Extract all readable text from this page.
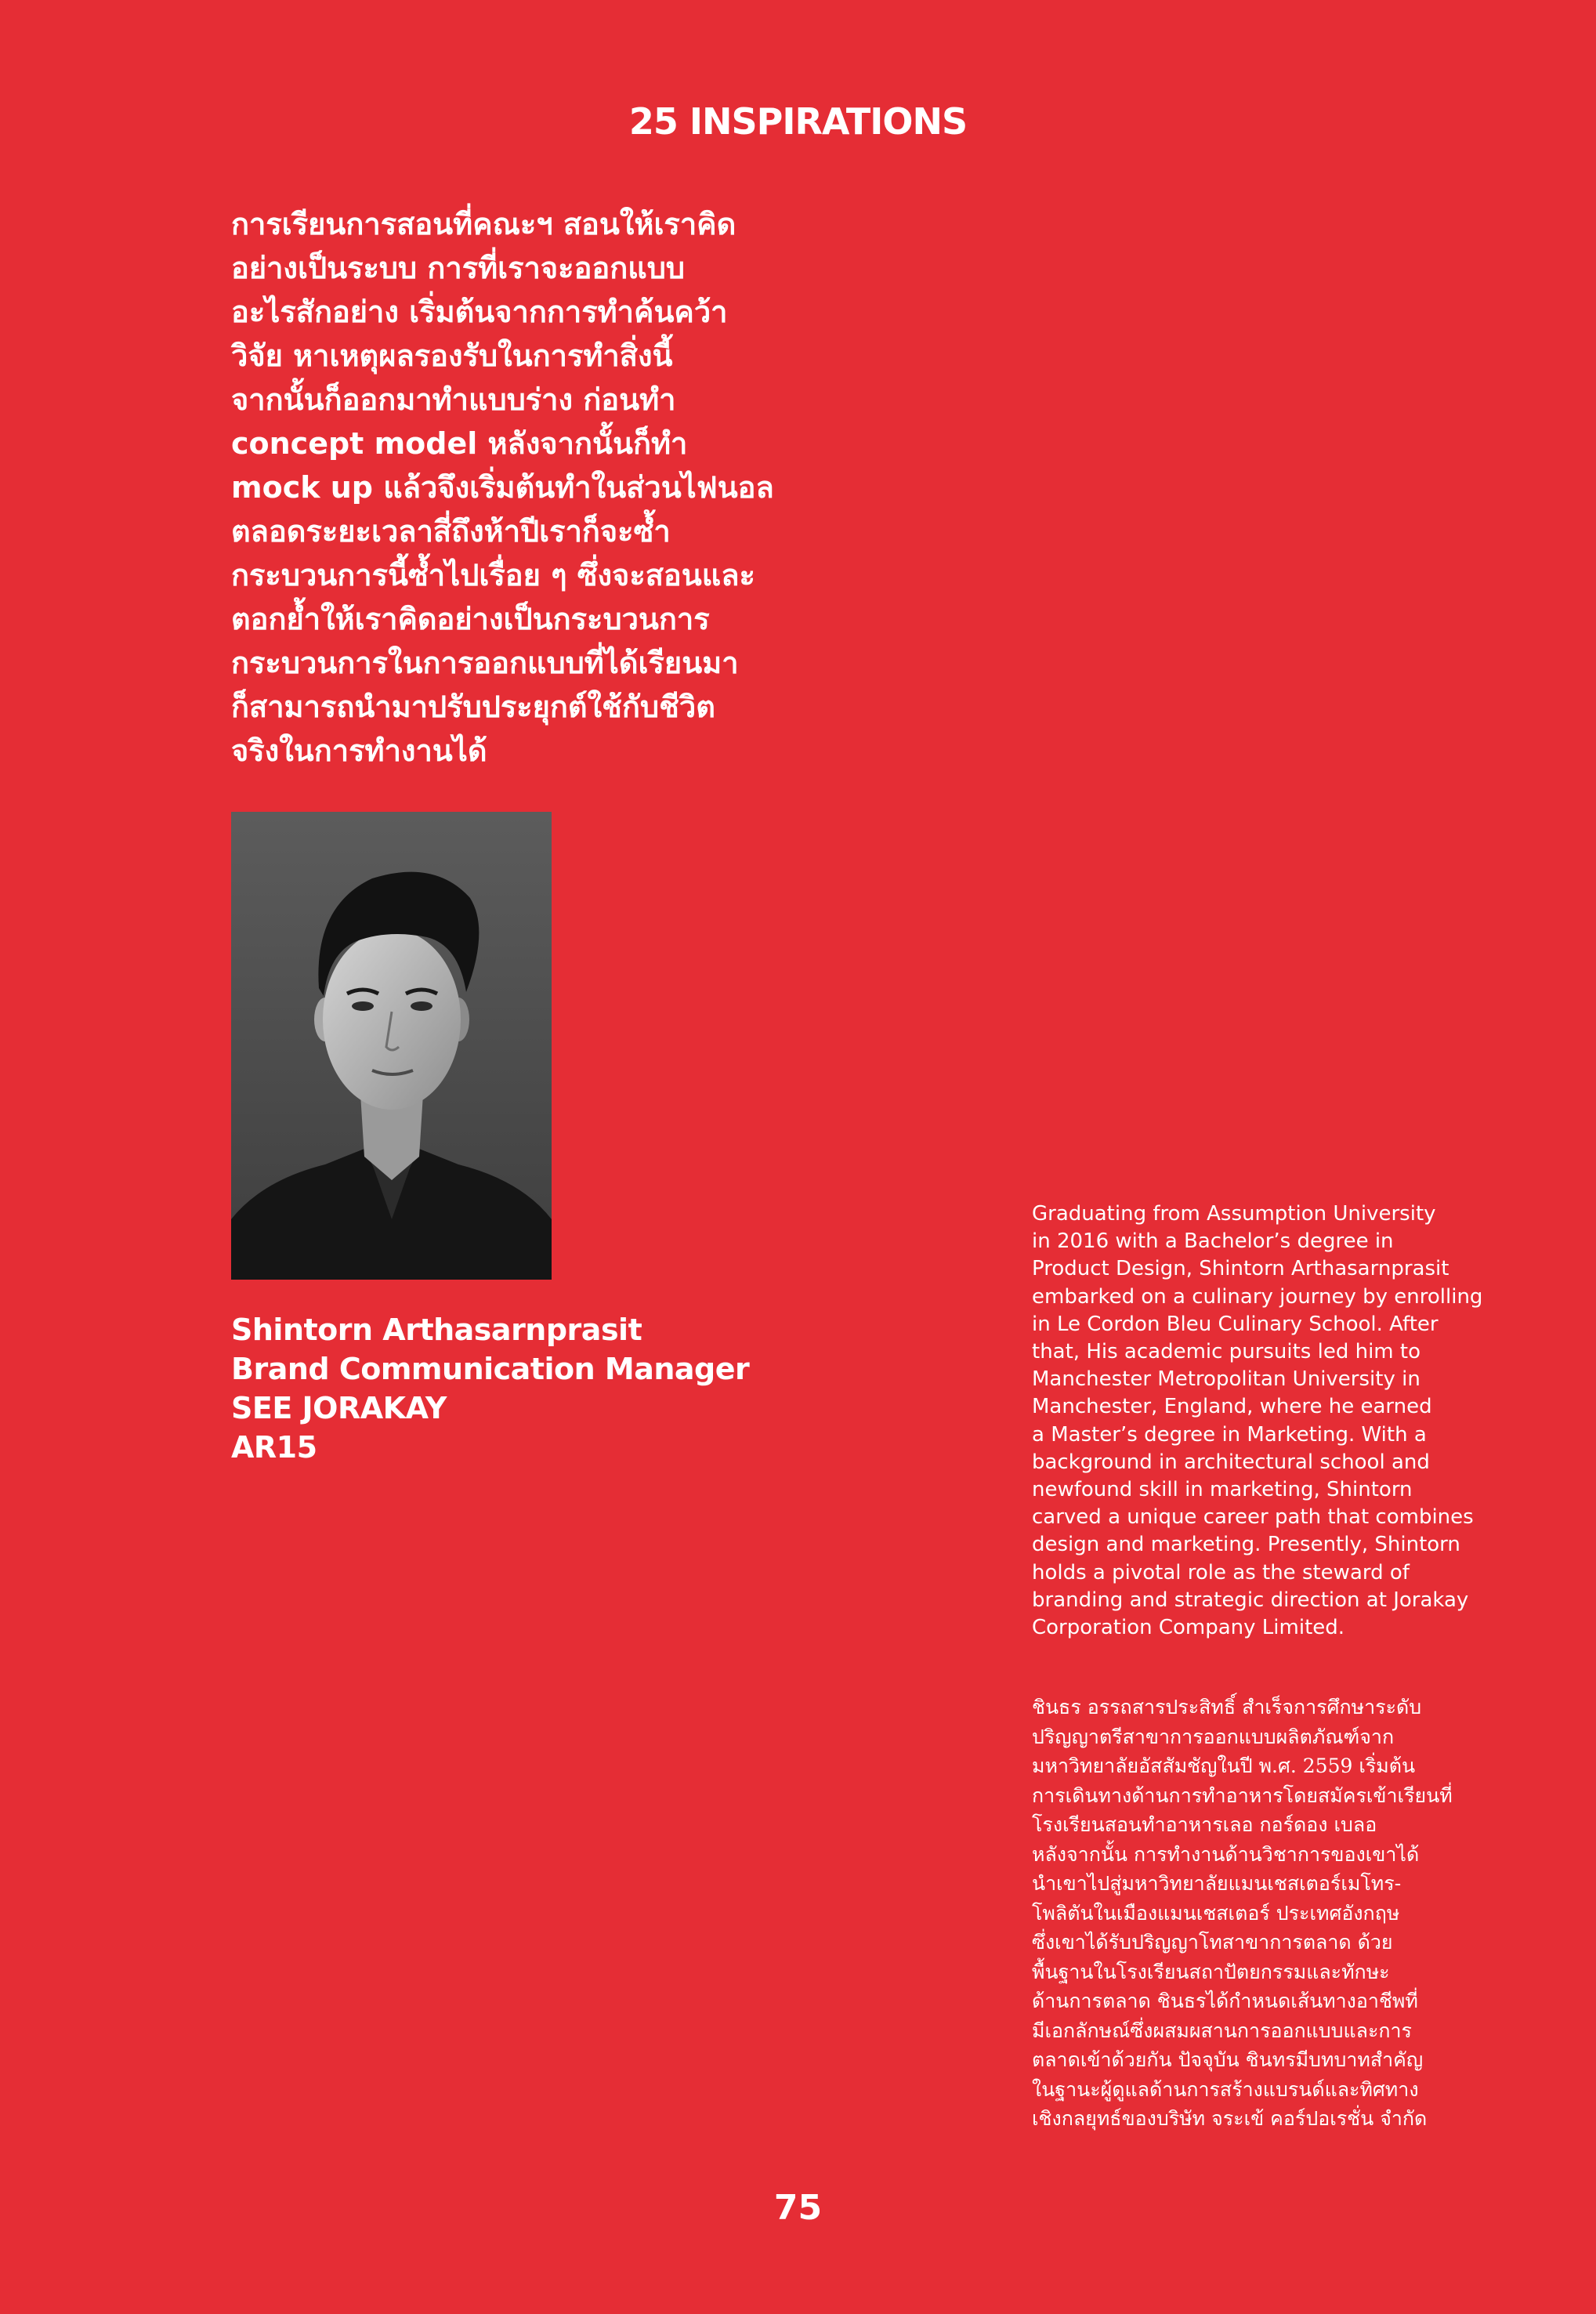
25 INSPIRATIONS
การเรียนการสอนที่คณะฯ สอนให้เราคิด
อย่างเป็นระบบ การที่เราจะออกแบบ
อะไรสักอย่าง เริ่มต้นจากการทำค้นคว้า
วิจัย หาเหตุผลรองรับในการทำสิ่งนี้
จากนั้นก็ออกมาทำแบบร่าง ก่อนทำ
concept model หลังจากนั้นก็ทำ
mock up แล้วจึงเริ่มต้นทำในส่วนไฟนอล
ตลอดระยะเวลาสี่ถึงห้าปีเราก็จะซ้ำ
กระบวนการนี้ซ้ำไปเรื่อย ๆ ซึ่งจะสอนและ
ตอกย้ำให้เราคิดอย่างเป็นกระบวนการ
กระบวนการในการออกแบบที่ได้เรียนมา
ก็สามารถนำมาปรับประยุกต์ใช้กับชีวิต
จริงในการทำงานได้
Shintorn Arthasarnprasit
Brand Communication Manager
SEE JORAKAY
AR15
Graduating from Assumption University
in 2016 with a Bachelor’s degree in
Product Design, Shintorn Arthasarnprasit
embarked on a culinary journey by enrolling
in Le Cordon Bleu Culinary School. After
that, His academic pursuits led him to
Manchester Metropolitan University in
Manchester, England, where he earned
a Master’s degree in Marketing. With a
background in architectural school and
newfound skill in marketing, Shintorn
carved a unique career path that combines
design and marketing. Presently, Shintorn
holds a pivotal role as the steward of
branding and strategic direction at Jorakay
Corporation Company Limited.
ชินธร อรรถสารประสิทธิ์ สำเร็จการศึกษาระดับ
ปริญญาตรีสาขาการออกแบบผลิตภัณฑ์จาก
มหาวิทยาลัยอัสสัมชัญในปี พ.ศ. 2559 เริ่มต้น
การเดินทางด้านการทำอาหารโดยสมัครเข้าเรียนที่
โรงเรียนสอนทำอาหารเลอ กอร์ดอง เบลอ
หลังจากนั้น การทำงานด้านวิชาการของเขาได้
นำเขาไปสู่มหาวิทยาลัยแมนเชสเตอร์เมโทร-
โพลิตันในเมืองแมนเชสเตอร์ ประเทศอังกฤษ
ซึ่งเขาได้รับปริญญาโทสาขาการตลาด ด้วย
พื้นฐานในโรงเรียนสถาปัตยกรรมและทักษะ
ด้านการตลาด ชินธรได้กำหนดเส้นทางอาชีพที่
มีเอกลักษณ์ซึ่งผสมผสานการออกแบบและการ
ตลาดเข้าด้วยกัน ปัจจุบัน ชินทรมีบทบาทสำคัญ
ในฐานะผู้ดูแลด้านการสร้างแบรนด์และทิศทาง
เชิงกลยุทธ์ของบริษัท จระเข้ คอร์ปอเรชั่น จำกัด
75
